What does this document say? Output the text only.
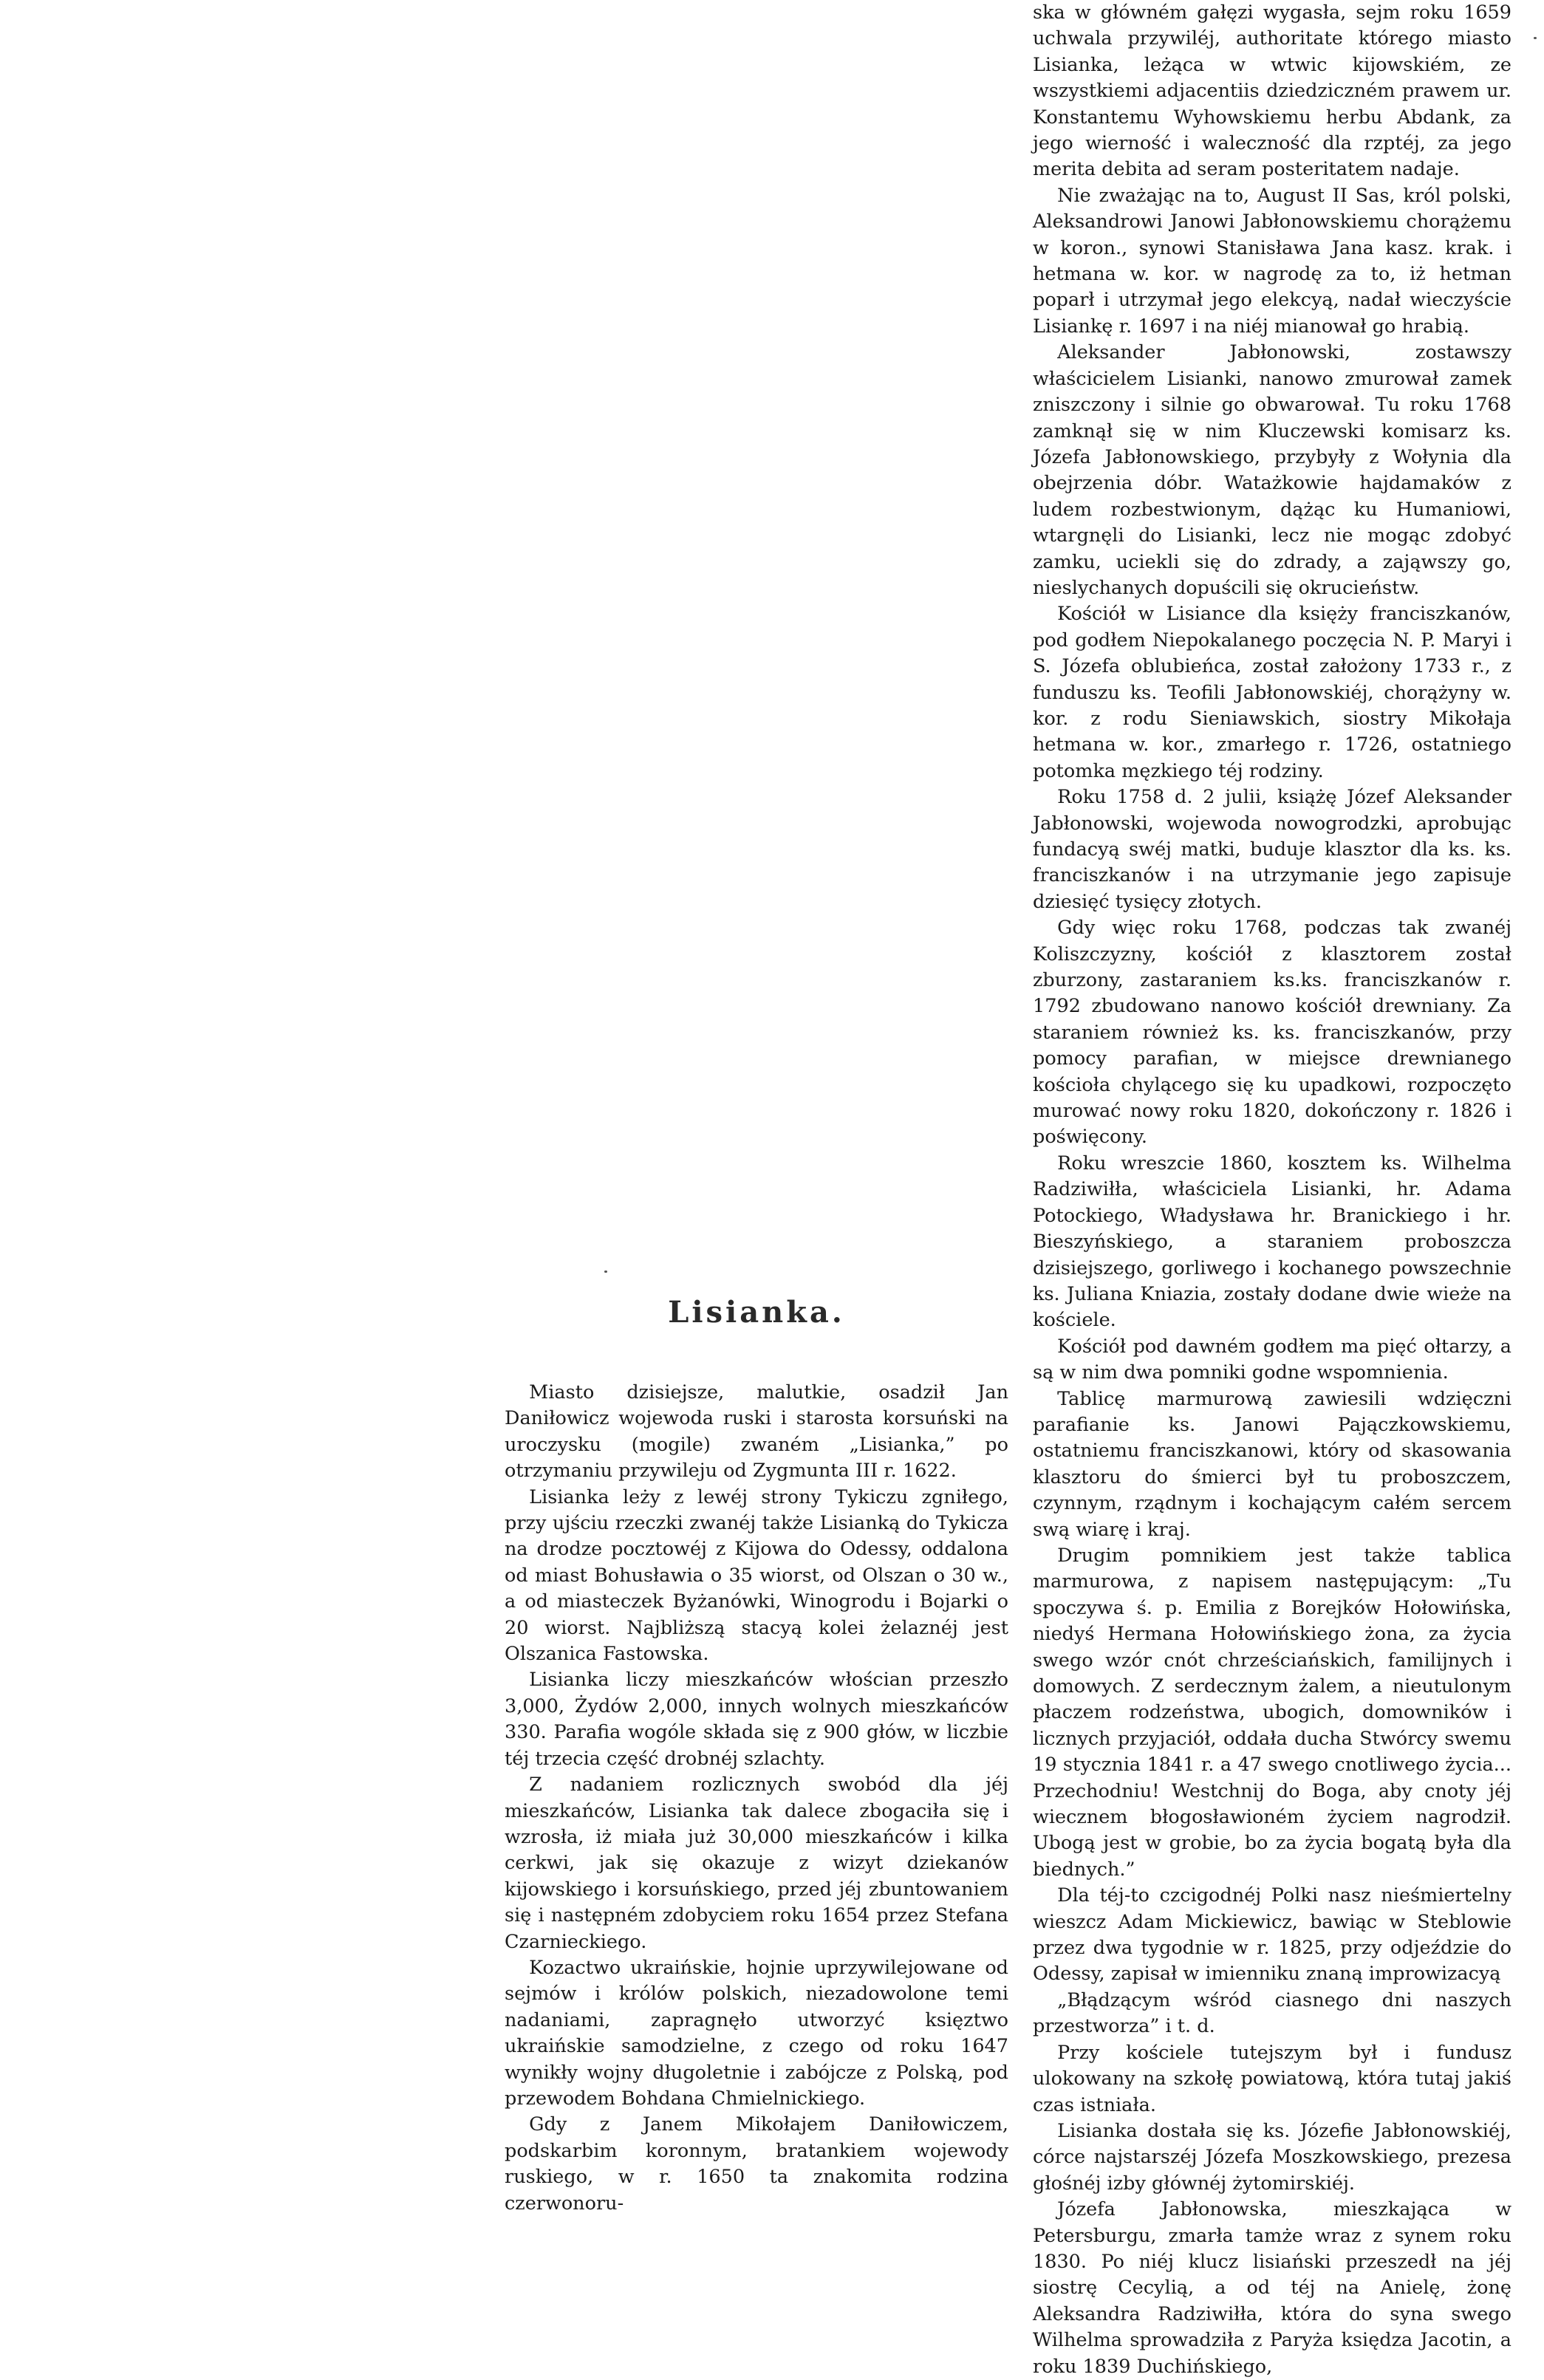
Lisianka.

Miasto dzisiejsze, malutkie, osadził Jan Daniłowicz wojewoda ruski i starosta korsuński na uroczysku (mogile) zwaném „Lisianka,” po otrzymaniu przywileju od Zygmunta III r. 1622.

Lisianka leży z lewéj strony Tykiczu zgniłego, przy ujściu rzeczki zwanéj także Lisianką do Tykicza na drodze pocztowéj z Kijowa do Odessy, oddalona od miast Bohusławia o 35 wiorst, od Olszan o 30 w., a od miasteczek Byżanówki, Winogrodu i Bojarki o 20 wiorst. Najbliższą stacyą kolei żelaznéj jest Olszanica Fastowska.

Lisianka liczy mieszkańców włościan przeszło 3,000, Żydów 2,000, innych wolnych mieszkańców 330. Parafia wogóle składa się z 900 głów, w liczbie téj trzecia część drobnéj szlachty.

Z nadaniem rozlicznych swobód dla jéj mieszkańców, Lisianka tak dalece zbogaciła się i wzrosła, iż miała już 30,000 mieszkańców i kilka cerkwi, jak się okazuje z wizyt dziekanów kijowskiego i korsuńskiego, przed jéj zbuntowaniem się i następném zdobyciem roku 1654 przez Stefana Czarnieckiego.

Kozactwo ukraińskie, hojnie uprzywilejowane od sejmów i królów polskich, niezadowolone temi nadaniami, zapragnęło utworzyć księztwo ukraińskie samodzielne, z czego od roku 1647 wynikły wojny długoletnie i zabójcze z Polską, pod przewodem Bohdana Chmielnickiego.

Gdy z Janem Mikołajem Daniłowiczem, podskarbim koronnym, bratankiem wojewody ruskiego, w r. 1650 ta znakomita rodzina czerwonoru-

ska w główném gałęzi wygasła, sejm roku 1659 uchwala przywiléj, authoritate którego miasto Lisianka, leżąca w wtwic kijowskiém, ze wszystkiemi adjacentiis dziedziczném prawem ur. Konstantemu Wyhowskiemu herbu Abdank, za jego wierność i waleczność dla rzptéj, za jego merita debita ad seram posteritatem nadaje.

Nie zważając na to, August II Sas, król polski, Aleksandrowi Janowi Jabłonowskiemu chorążemu w koron., synowi Stanisława Jana kasz. krak. i hetmana w. kor. w nagrodę za to, iż hetman poparł i utrzymał jego elekcyą, nadał wieczyście Lisiankę r. 1697 i na niéj mianował go hrabią.

Aleksander Jabłonowski, zostawszy właścicielem Lisianki, nanowo zmurował zamek zniszczony i silnie go obwarował. Tu roku 1768 zamknął się w nim Kluczewski komisarz ks. Józefa Jabłonowskiego, przybyły z Wołynia dla obejrzenia dóbr. Watażkowie hajdamaków z ludem rozbestwionym, dążąc ku Humaniowi, wtargnęli do Lisianki, lecz nie mogąc zdobyć zamku, uciekli się do zdrady, a zająwszy go, nieslychanych dopuścili się okrucieństw.

Kościół w Lisiance dla księży franciszkanów, pod godłem Niepokalanego poczęcia N. P. Maryi i S. Józefa oblubieńca, został założony 1733 r., z funduszu ks. Teofili Jabłonowskiéj, chorążyny w. kor. z rodu Sieniawskich, siostry Mikołaja hetmana w. kor., zmarłego r. 1726, ostatniego potomka męzkiego téj rodziny.

Roku 1758 d. 2 julii, książę Józef Aleksander Jabłonowski, wojewoda nowogrodzki, aprobując fundacyą swéj matki, buduje klasztor dla ks. ks. franciszkanów i na utrzymanie jego zapisuje dziesięć tysięcy złotych.

Gdy więc roku 1768, podczas tak zwanéj Koliszczyzny, kościół z klasztorem został zburzony, zastaraniem ks.ks. franciszkanów r. 1792 zbudowano nanowo kościół drewniany. Za staraniem również ks. ks. franciszkanów, przy pomocy parafian, w miejsce drewnianego kościoła chylącego się ku upadkowi, rozpoczęto murować nowy roku 1820, dokończony r. 1826 i poświęcony.

Roku wreszcie 1860, kosztem ks. Wilhelma Radziwiłła, właściciela Lisianki, hr. Adama Potockiego, Władysława hr. Branickiego i hr. Bieszyńskiego, a staraniem proboszcza dzisiejszego, gorliwego i kochanego powszechnie ks. Juliana Kniazia, zostały dodane dwie wieże na kościele.

Kościół pod dawném godłem ma pięć ołtarzy, a są w nim dwa pomniki godne wspomnienia.

Tablicę marmurową zawiesili wdzięczni parafianie ks. Janowi Pajączkowskiemu, ostatniemu franciszkanowi, który od skasowania klasztoru do śmierci był tu proboszczem, czynnym, rządnym i kochającym całém sercem swą wiarę i kraj.

Drugim pomnikiem jest także tablica marmurowa, z napisem następującym: „Tu spoczywa ś. p. Emilia z Borejków Hołowińska, niedyś Hermana Hołowińskiego żona, za życia swego wzór cnót chrześciańskich, familijnych i domowych. Z serdecznym żalem, a nieutulonym płaczem rodzeństwa, ubogich, domowników i licznych przyjaciół, oddała ducha Stwórcy swemu 19 stycznia 1841 r. a 47 swego cnotliwego życia... Przechodniu! Westchnij do Boga, aby cnoty jéj wiecznem błogosławioném życiem nagrodził. Ubogą jest w grobie, bo za życia bogatą była dla biednych.”

Dla téj-to czcigodnéj Polki nasz nieśmiertelny wieszcz Adam Mickiewicz, bawiąc w Steblowie przez dwa tygodnie w r. 1825, przy odjeździe do Odessy, zapisał w imienniku znaną improwizacyą

„Błądzącym wśród ciasnego dni naszych przestworza” i t. d.

Przy kościele tutejszym był i fundusz ulokowany na szkołę powiatową, która tutaj jakiś czas istniała.

Lisianka dostała się ks. Józefie Jabłonowskiéj, córce najstarszéj Józefa Moszkowskiego, prezesa głośnéj izby głównéj żytomirskiéj.

Józefa Jabłonowska, mieszkająca w Petersburgu, zmarła tamże wraz z synem roku 1830. Po niéj klucz lisiański przeszedł na jéj siostrę Cecylią, a od téj na Anielę, żonę Aleksandra Radziwiłła, która do syna swego Wilhelma sprowadziła z Paryża księdza Jacotin, a roku 1839 Duchińskiego,
